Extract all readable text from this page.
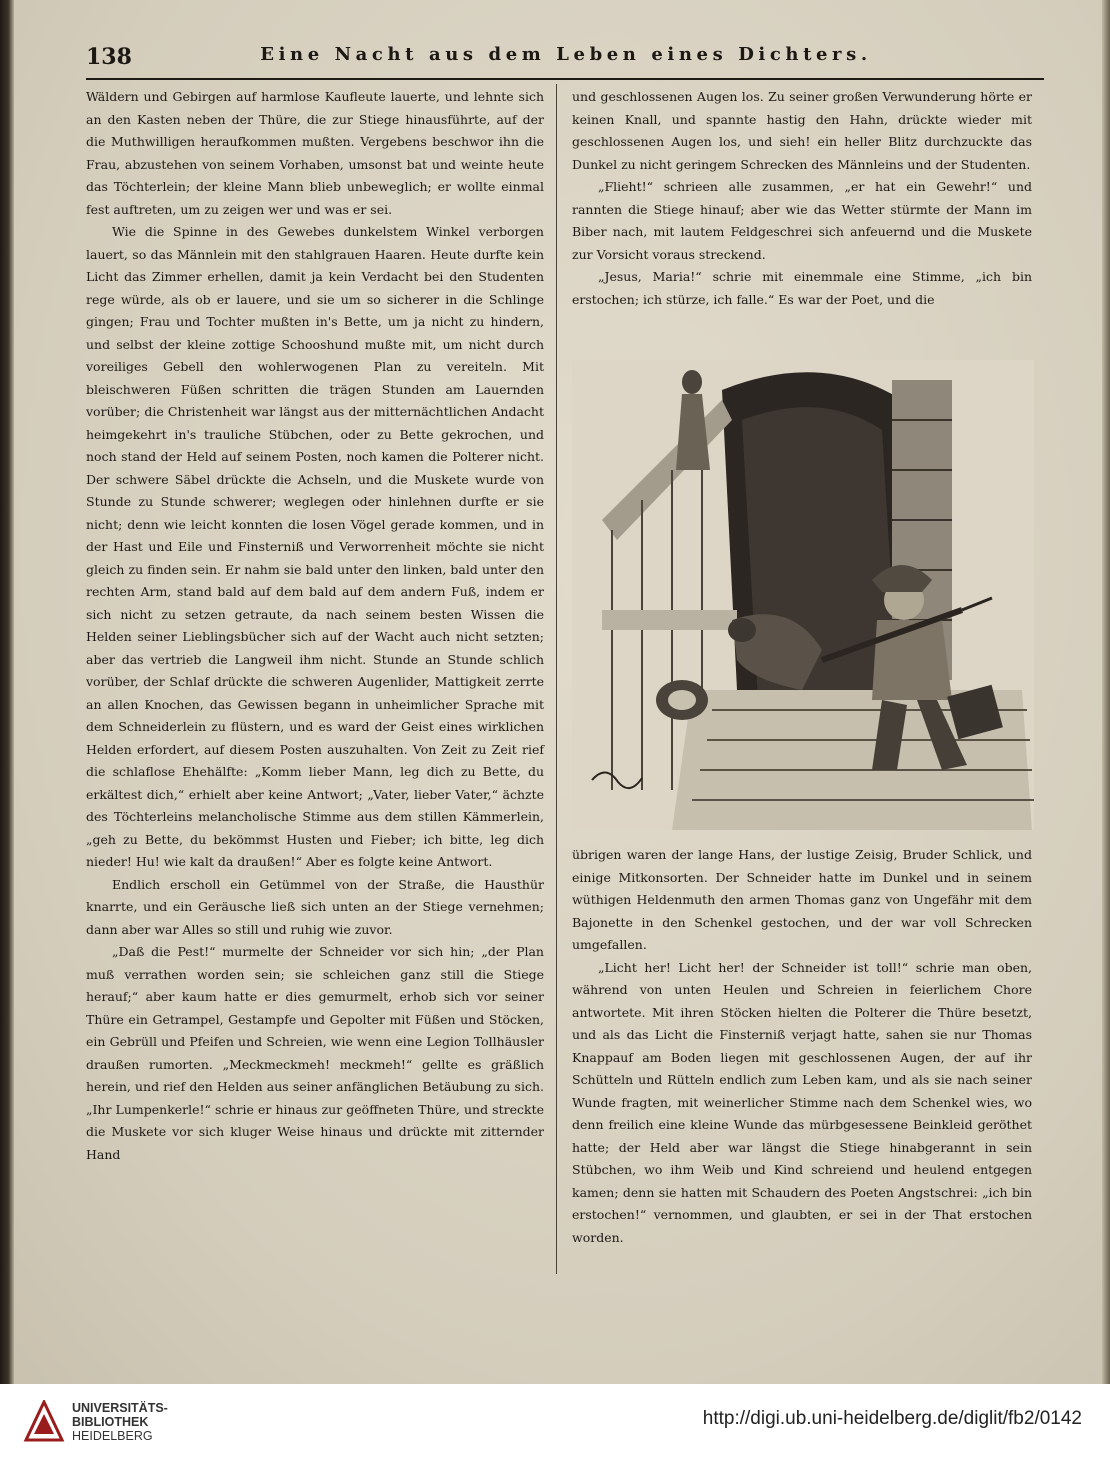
138	Eine Nacht aus dem Leben eines Dichters.

Wäldern und Gebirgen auf harmlose Kaufleute lauerte, und lehnte sich an den Kasten neben der Thüre, die zur Stiege hinausführte, auf der die Muthwilligen heraufkommen mußten. Vergebens beschwor ihn die Frau, abzustehen von seinem Vorhaben, umsonst bat und weinte heute das Töchterlein; der kleine Mann blieb unbeweglich; er wollte einmal fest auftreten, um zu zeigen wer und was er sei.

Wie die Spinne in des Gewebes dunkelstem Winkel verborgen lauert, so das Männlein mit den stahlgrauen Haaren. Heute durfte kein Licht das Zimmer erhellen, damit ja kein Verdacht bei den Studenten rege würde, als ob er lauere, und sie um so sicherer in die Schlinge gingen; Frau und Tochter mußten in's Bette, um ja nicht zu hindern, und selbst der kleine zottige Schooshund mußte mit, um nicht durch voreiliges Gebell den wohlerwogenen Plan zu vereiteln. Mit bleischweren Füßen schritten die trägen Stunden am Lauernden vorüber; die Christenheit war längst aus der mitternächtlichen Andacht heimgekehrt in's trauliche Stübchen, oder zu Bette gekrochen, und noch stand der Held auf seinem Posten, noch kamen die Polterer nicht. Der schwere Säbel drückte die Achseln, und die Muskete wurde von Stunde zu Stunde schwerer; weglegen oder hinlehnen durfte er sie nicht; denn wie leicht konnten die losen Vögel gerade kommen, und in der Hast und Eile und Finsterniß und Verworrenheit möchte sie nicht gleich zu finden sein. Er nahm sie bald unter den linken, bald unter den rechten Arm, stand bald auf dem bald auf dem andern Fuß, indem er sich nicht zu setzen getraute, da nach seinem besten Wissen die Helden seiner Lieblingsbücher sich auf der Wacht auch nicht setzten; aber das vertrieb die Langweil ihm nicht. Stunde an Stunde schlich vorüber, der Schlaf drückte die schweren Augenlider, Mattigkeit zerrte an allen Knochen, das Gewissen begann in unheimlicher Sprache mit dem Schneiderlein zu flüstern, und es ward der Geist eines wirklichen Helden erfordert, auf diesem Posten auszuhalten. Von Zeit zu Zeit rief die schlaflose Ehehälfte: „Komm lieber Mann, leg dich zu Bette, du erkältest dich,“ erhielt aber keine Antwort; „Vater, lieber Vater,“ ächzte des Töchterleins melancholische Stimme aus dem stillen Kämmerlein, „geh zu Bette, du bekömmst Husten und Fieber; ich bitte, leg dich nieder! Hu! wie kalt da draußen!“ Aber es folgte keine Antwort.

Endlich erscholl ein Getümmel von der Straße, die Hausthür knarrte, und ein Geräusche ließ sich unten an der Stiege vernehmen; dann aber war Alles so still und ruhig wie zuvor.

„Daß die Pest!“ murmelte der Schneider vor sich hin; „der Plan muß verrathen worden sein; sie schleichen ganz still die Stiege herauf;“ aber kaum hatte er dies gemurmelt, erhob sich vor seiner Thüre ein Getrampel, Gestampfe und Gepolter mit Füßen und Stöcken, ein Gebrüll und Pfeifen und Schreien, wie wenn eine Legion Tollhäusler draußen rumorten. „Meckmeckmeh! meckmeh!“ gellte es gräßlich herein, und rief den Helden aus seiner anfänglichen Betäubung zu sich. „Ihr Lumpenkerle!“ schrie er hinaus zur geöffneten Thüre, und streckte die Muskete vor sich kluger Weise hinaus und drückte mit zitternder Hand

und geschlossenen Augen los. Zu seiner großen Verwunderung hörte er keinen Knall, und spannte hastig den Hahn, drückte wieder mit geschlossenen Augen los, und sieh! ein heller Blitz durchzuckte das Dunkel zu nicht geringem Schrecken des Männleins und der Studenten.

„Flieht!“ schrieen alle zusammen, „er hat ein Gewehr!“ und rannten die Stiege hinauf; aber wie das Wetter stürmte der Mann im Biber nach, mit lautem Feldgeschrei sich anfeuernd und die Muskete zur Vorsicht voraus streckend.

„Jesus, Maria!“ schrie mit einemmale eine Stimme, „ich bin erstochen; ich stürze, ich falle.“ Es war der Poet, und die

übrigen waren der lange Hans, der lustige Zeisig, Bruder Schlick, und einige Mitkonsorten. Der Schneider hatte im Dunkel und in seinem wüthigen Heldenmuth den armen Thomas ganz von Ungefähr mit dem Bajonette in den Schenkel gestochen, und der war voll Schrecken umgefallen.

„Licht her! Licht her! der Schneider ist toll!“ schrie man oben, während von unten Heulen und Schreien in feierlichem Chore antwortete. Mit ihren Stöcken hielten die Polterer die Thüre besetzt, und als das Licht die Finsterniß verjagt hatte, sahen sie nur Thomas Knappauf am Boden liegen mit geschlossenen Augen, der auf ihr Schütteln und Rütteln endlich zum Leben kam, und als sie nach seiner Wunde fragten, mit weinerlicher Stimme nach dem Schenkel wies, wo denn freilich eine kleine Wunde das mürbgesessene Beinkleid geröthet hatte; der Held aber war längst die Stiege hinabgerannt in sein Stübchen, wo ihm Weib und Kind schreiend und heulend entgegen kamen; denn sie hatten mit Schaudern des Poeten Angstschrei: „ich bin erstochen!“ vernommen, und glaubten, er sei in der That erstochen worden.

UNIVERSITÄTS-
BIBLIOTHEK
HEIDELBERG
http://digi.ub.uni-heidelberg.de/diglit/fb2/0142
